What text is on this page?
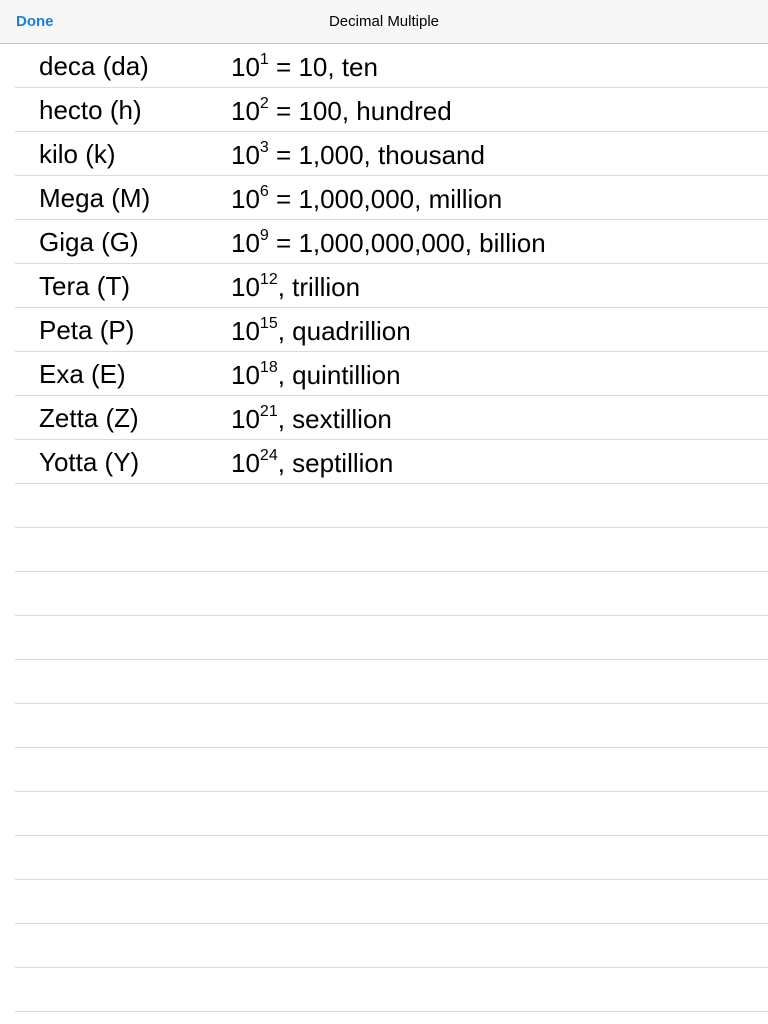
Done	Decimal Multiple
deca (da)	$10^1 = 10$, ten
hecto (h)	$10^2 = 100$, hundred
kilo (k)	$10^3 = 1,000$, thousand
Mega (M)	$10^6 = 1,000,000$, million
Giga (G)	$10^9 = 1,000,000,000$, billion
Tera (T)	$10^{12}$, trillion
Peta (P)	$10^{15}$, quadrillion
Exa (E)	$10^{18}$, quintillion
Zetta (Z)	$10^{21}$, sextillion
Yotta (Y)	$10^{24}$, septillion
